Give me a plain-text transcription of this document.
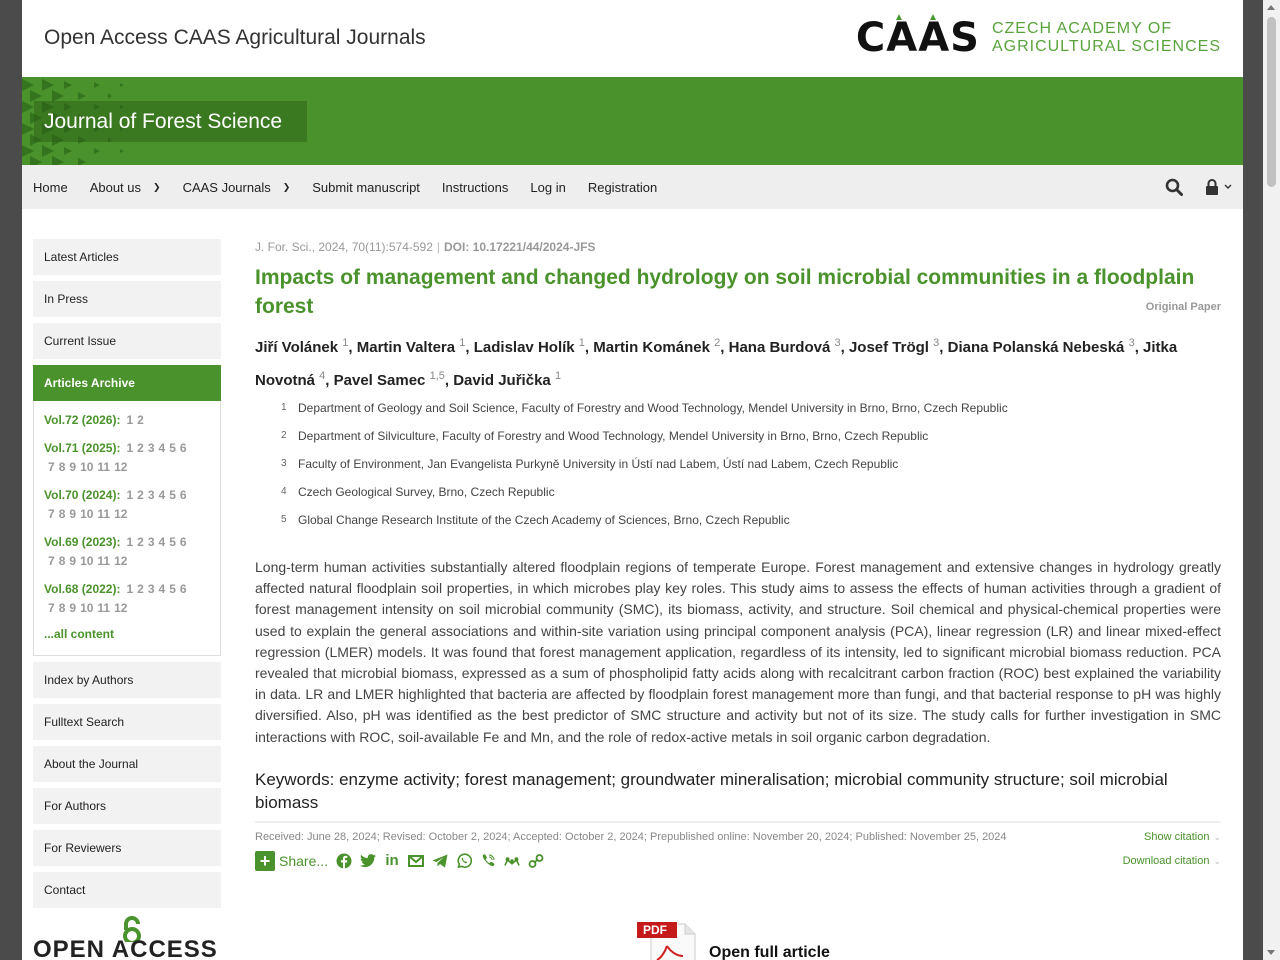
Open Access CAAS Agricultural Journals	CAAS CZECH ACADEMY OF
AGRICULTURAL SCIENCES
Journal of Forest Science
Home About us ❯ CAAS Journals ❯ Submit manuscript Instructions Log in Registration
Latest Articles
In Press
Current Issue
Articles Archive
Vol.72 (2026): 1 2
Vol.71 (2025): 1 2 3 4 5 6
7 8 9 10 11 12
Vol.70 (2024): 1 2 3 4 5 6
7 8 9 10 11 12
Vol.69 (2023): 1 2 3 4 5 6
7 8 9 10 11 12
Vol.68 (2022): 1 2 3 4 5 6
7 8 9 10 11 12
...all content
Index by Authors
Fulltext Search
About the Journal
For Authors
For Reviewers
Contact
OPEN ACCESS
J. For. Sci., 2024, 70(11):574-592 | DOI: 10.17221/44/2024-JFS
Impacts of management and changed hydrology on soil microbial communities in a floodplain forest	Original Paper
Jiří Volánek $^1$, Martin Valtera $^1$, Ladislav Holík $^1$, Martin Kománek $^2$, Hana Burdová $^3$, Josef Trögl $^3$, Diana Polanská Nebeská $^3$, Jitka Novotná $^4$, Pavel Samec $^{1,5}$, David Juřička $^1$
1 Department of Geology and Soil Science, Faculty of Forestry and Wood Technology, Mendel University in Brno, Brno, Czech Republic
2 Department of Silviculture, Faculty of Forestry and Wood Technology, Mendel University in Brno, Brno, Czech Republic
3 Faculty of Environment, Jan Evangelista Purkyně University in Ústí nad Labem, Ústí nad Labem, Czech Republic
4 Czech Geological Survey, Brno, Czech Republic
5 Global Change Research Institute of the Czech Academy of Sciences, Brno, Czech Republic

Long-term human activities substantially altered floodplain regions of temperate Europe. Forest management and extensive changes in hydrology greatly affected natural floodplain soil properties, in which microbes play key roles. This study aims to assess the effects of human activities through a gradient of forest management intensity on soil microbial community (SMC), its biomass, activity, and structure. Soil chemical and physical-chemical properties were used to explain the general associations and within-site variation using principal component analysis (PCA), linear regression (LR) and linear mixed-effect regression (LMER) models. It was found that forest management application, regardless of its intensity, led to significant microbial biomass reduction. PCA revealed that microbial biomass, expressed as a sum of phospholipid fatty acids along with recalcitrant carbon fraction (ROC) best explained the variability in data. LR and LMER highlighted that bacteria are affected by floodplain forest management more than fungi, and that bacterial response to pH was highly diversified. Also, pH was identified as the best predictor of SMC structure and activity but not of its size. The study calls for further investigation in SMC interactions with ROC, soil-available Fe and Mn, and the role of redox-active metals in soil organic carbon degradation.

Keywords: enzyme activity; forest management; groundwater mineralisation; microbial community structure; soil microbial biomass

Received: June 28, 2024; Revised: October 2, 2024; Accepted: October 2, 2024; Prepublished online: November 20, 2024; Published: November 25, 2024	Show citation ⌄
+ Share...	in	Download citation ⌄
PDF
Open full article
